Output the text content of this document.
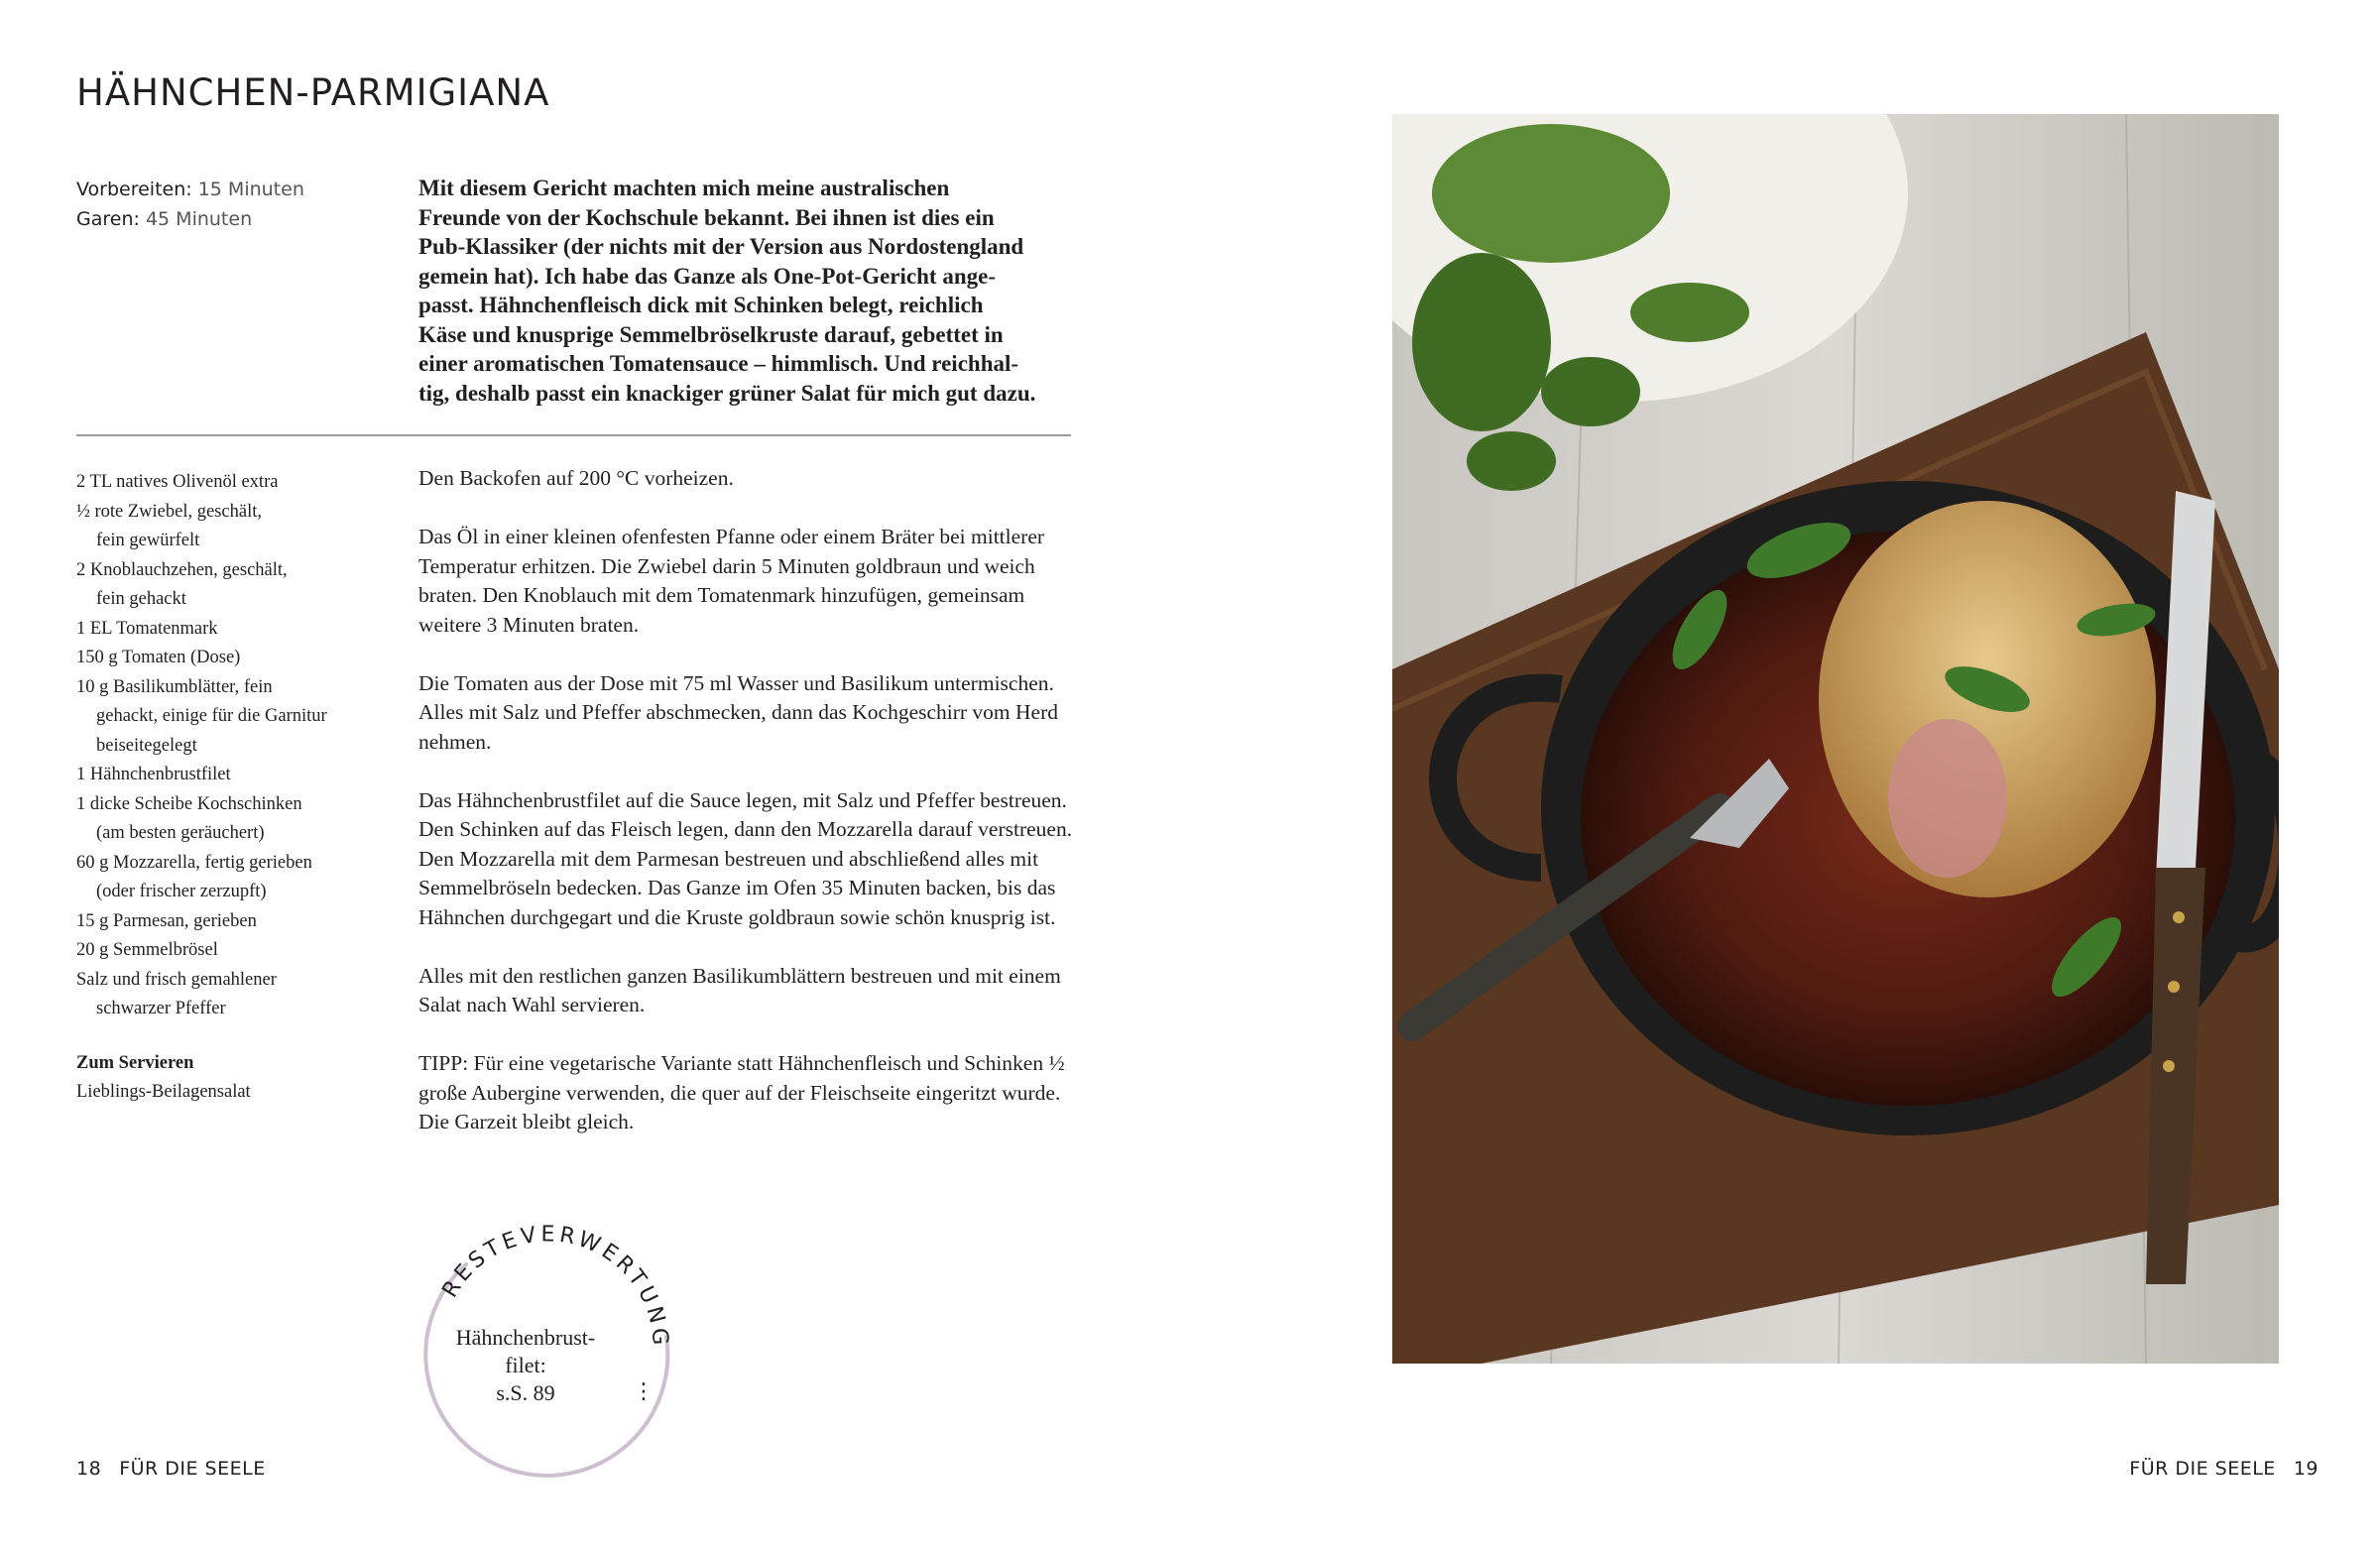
HÄHNCHEN-PARMIGIANA
Vorbereiten: 15 Minuten
Garen: 45 Minuten
Mit diesem Gericht machten mich meine australischen
Freunde von der Kochschule bekannt. Bei ihnen ist dies ein
Pub-Klassiker (der nichts mit der Version aus Nordostengland
gemein hat). Ich habe das Ganze als One-Pot-Gericht ange-
passt. Hähnchenfleisch dick mit Schinken belegt, reichlich
Käse und knusprige Semmelbröselkruste darauf, gebettet in
einer aromatischen Tomatensauce – himmlisch. Und reichhal-
tig, deshalb passt ein knackiger grüner Salat für mich gut dazu.
2 TL natives Olivenöl extra
½ rote Zwiebel, geschält,
fein gewürfelt
2 Knoblauchzehen, geschält,
fein gehackt
1 EL Tomatenmark
150 g Tomaten (Dose)
10 g Basilikumblätter, fein
gehackt, einige für die Garnitur beiseitegelegt
1 Hähnchenbrustfilet
1 dicke Scheibe Kochschinken
(am besten geräuchert)
60 g Mozzarella, fertig gerieben
(oder frischer zerzupft)
15 g Parmesan, gerieben
20 g Semmelbrösel
Salz und frisch gemahlener
schwarzer Pfeffer
Zum Servieren
Lieblings-Beilagensalat

Den Backofen auf 200 °C vorheizen.

Das Öl in einer kleinen ofenfesten Pfanne oder einem Bräter bei mittlerer Temperatur erhitzen. Die Zwiebel darin 5 Minuten goldbraun und weich braten. Den Knoblauch mit dem Tomatenmark hinzufügen, gemeinsam weitere 3 Minuten braten.

Die Tomaten aus der Dose mit 75 ml Wasser und Basilikum untermischen. Alles mit Salz und Pfeffer abschmecken, dann das Kochgeschirr vom Herd nehmen.

Das Hähnchenbrustfilet auf die Sauce legen, mit Salz und Pfeffer bestreuen. Den Schinken auf das Fleisch legen, dann den Mozzarella darauf verstreuen. Den Mozzarella mit dem Parmesan bestreuen und abschließend alles mit Semmelbröseln bedecken. Das Ganze im Ofen 35 Minuten backen, bis das Hähnchen durchgegart und die Kruste goldbraun sowie schön knusprig ist.

Alles mit den restlichen ganzen Basilikumblättern bestreuen und mit einem Salat nach Wahl servieren.

TIPP: Für eine vegetarische Variante statt Hähnchenfleisch und Schinken ½ große Aubergine verwenden, die quer auf der Fleischseite eingeritzt wurde. Die Garzeit bleibt gleich.

RESTEVERWERTUNG
⋮
Hähnchenbrust-
filet:
s.S. 89
18 FÜR DIE SEELE	FÜR DIE SEELE 19
